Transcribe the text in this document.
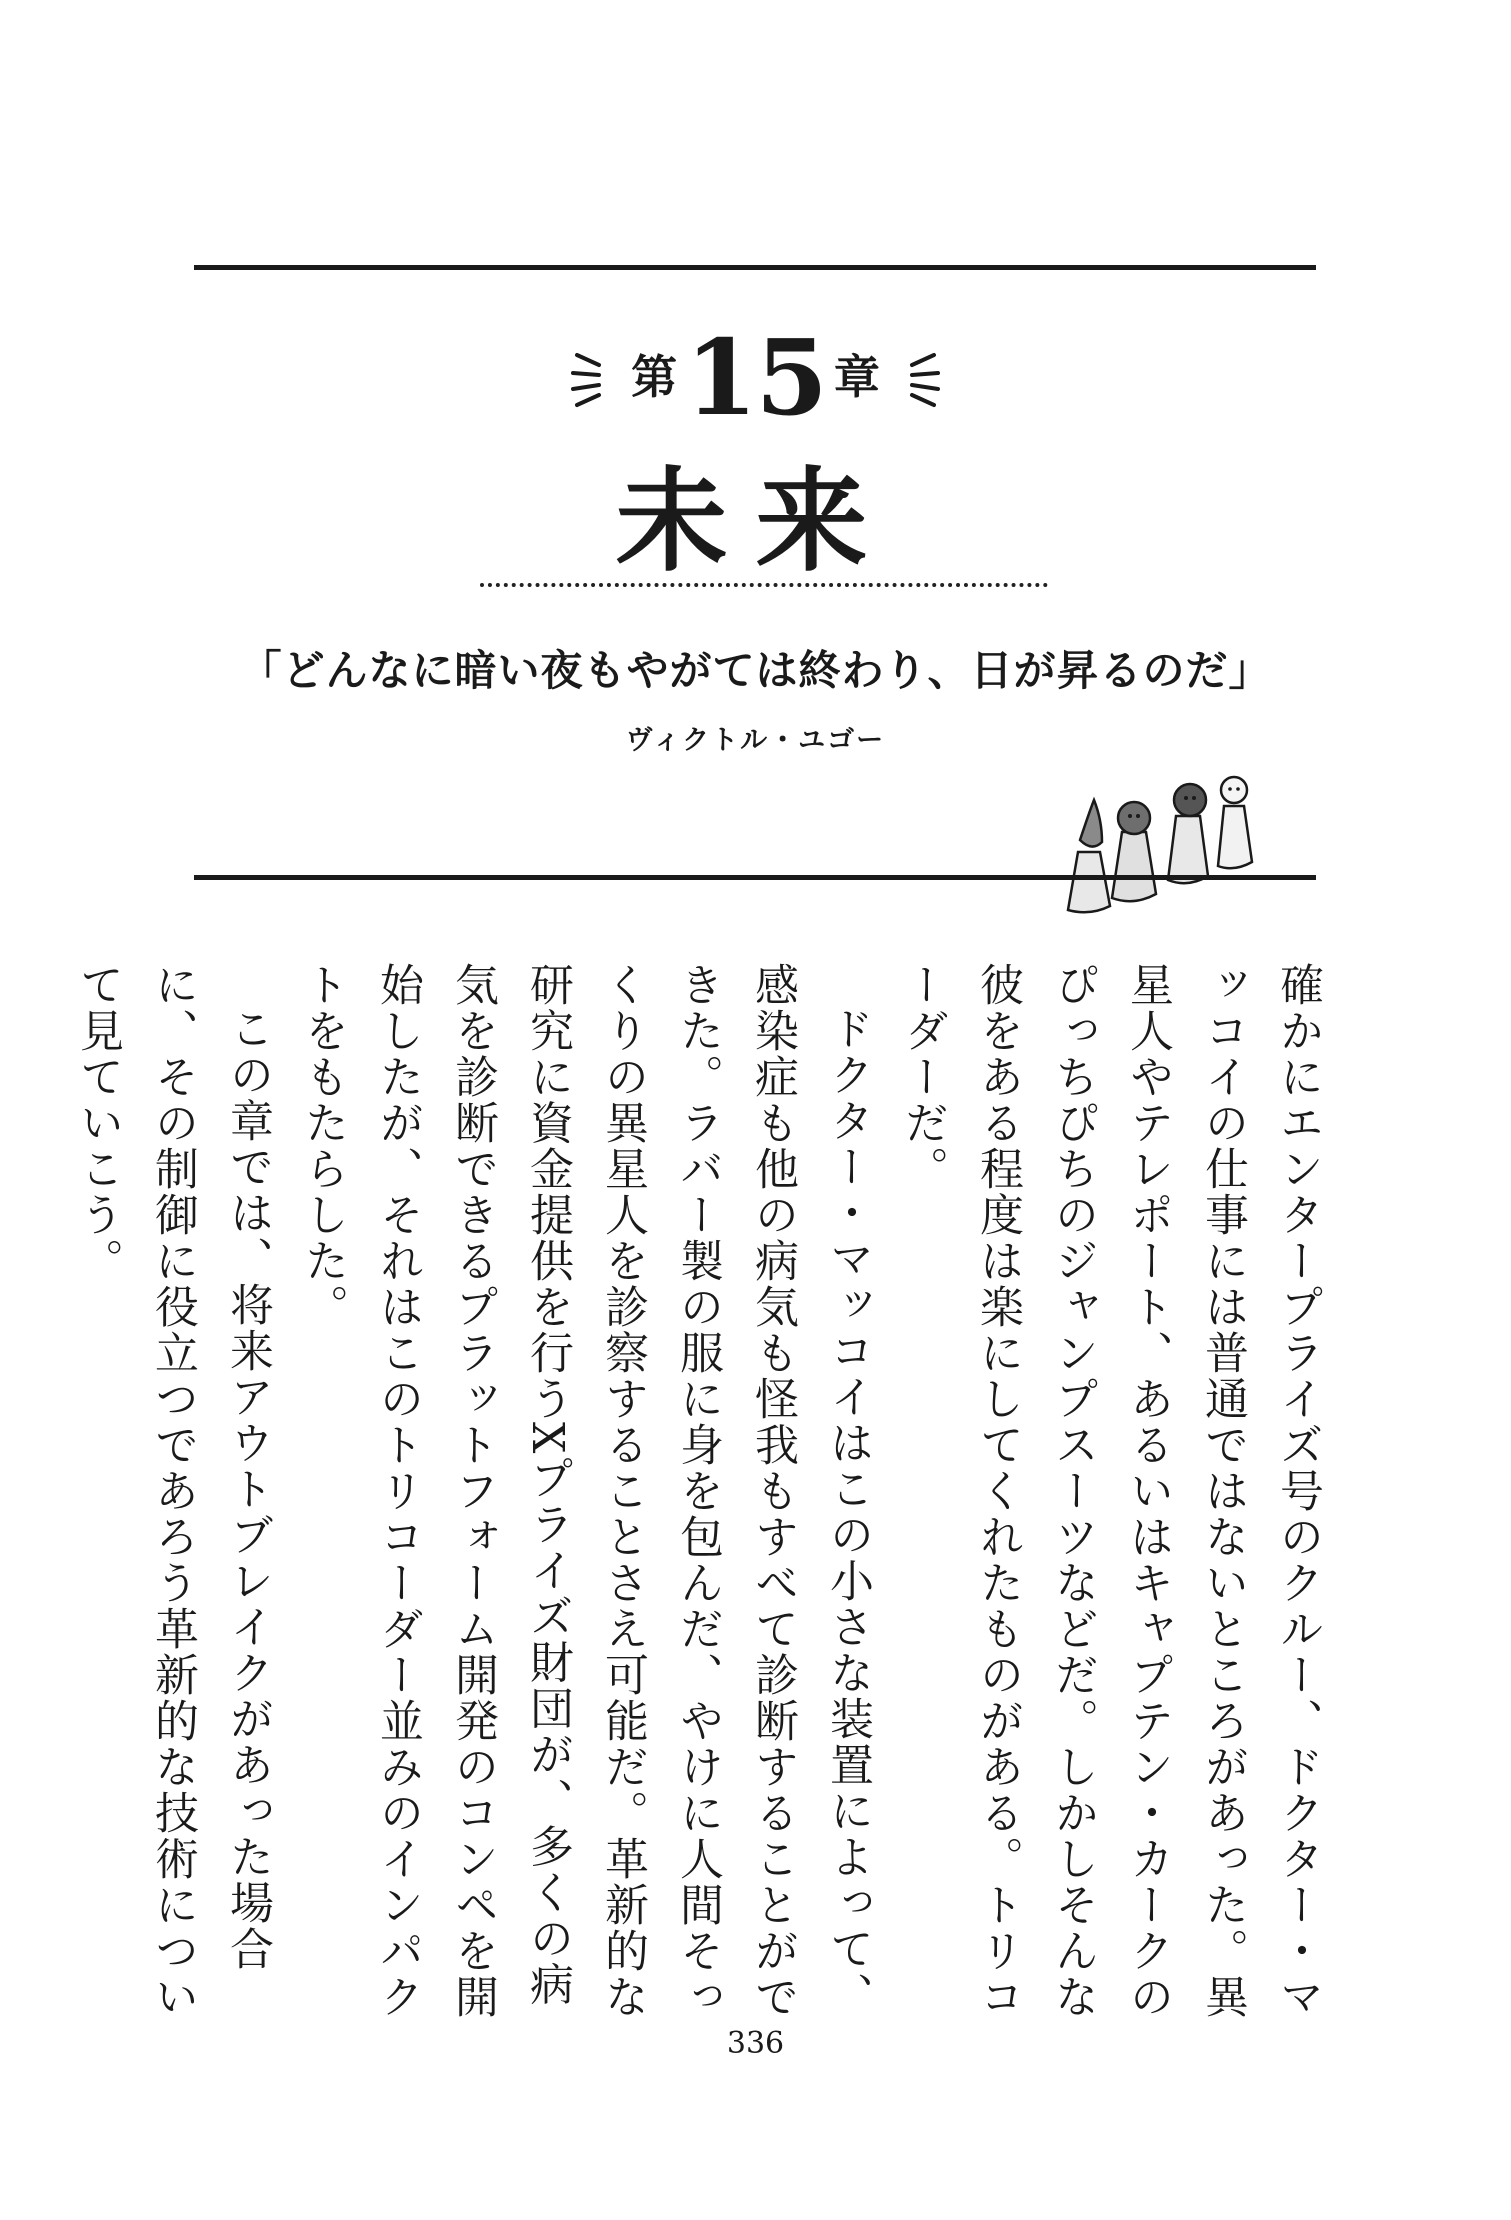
第 15 章
未来
「どんなに暗い夜もやがては終わり、日が昇るのだ」
ヴィクトル・ユゴー

確かにエンタープライズ号のクルー、ドクター・マッコイの仕事には普通ではないところがあった。異星人やテレポート、あるいはキャプテン・カークのぴっちぴちのジャンプスーツなどだ。しかしそんな彼をある程度は楽にしてくれたものがある。トリコーダーだ。

ドクター・マッコイはこの小さな装置によって、感染症も他の病気も怪我もすべて診断することができた。ラバー製の服に身を包んだ、やけに人間そっくりの異星人を診察することさえ可能だ。革新的な研究に資金提供を行うXプライズ財団が、多くの病気を診断できるプラットフォーム開発のコンペを開始したが、それはこのトリコーダー並みのインパクトをもたらした。

この章では、将来アウトブレイクがあった場合に、その制御に役立つであろう革新的な技術について見ていこう。

336
